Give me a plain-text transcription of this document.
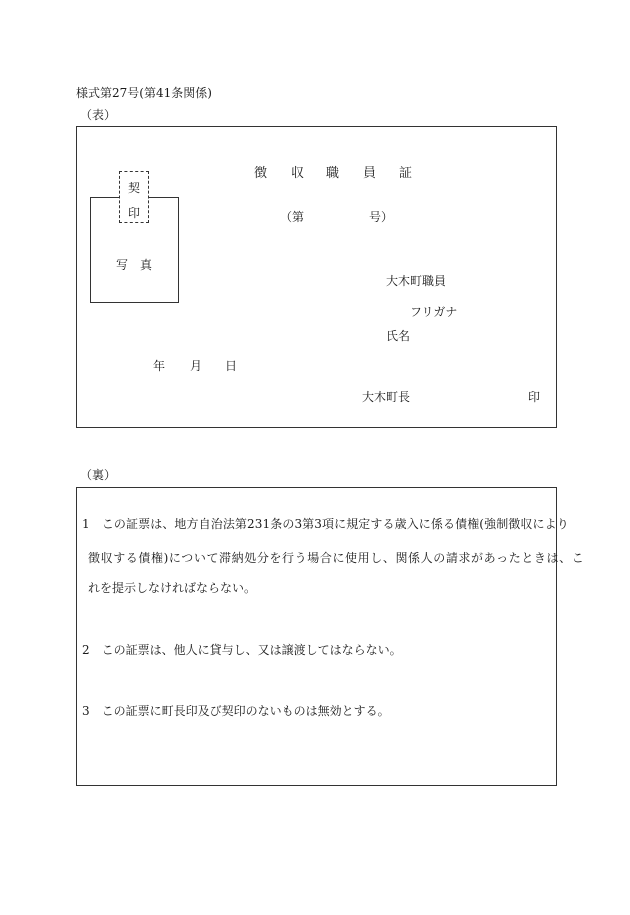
様式第27号(第41条関係)
（表）
徴 収 職 員 証
（第	号）
写　真
契
印
大木町職員
フリガナ
氏名
年 月 日
大木町長	印
（裏）
1　この証票は、地方自治法第231条の3第3項に規定する歳入に係る債権(強制徴収により
徴収する債権)について滞納処分を行う場合に使用し、関係人の請求があったときは、こ
れを提示しなければならない。
2　この証票は、他人に貸与し、又は譲渡してはならない。
3　この証票に町長印及び契印のないものは無効とする。
